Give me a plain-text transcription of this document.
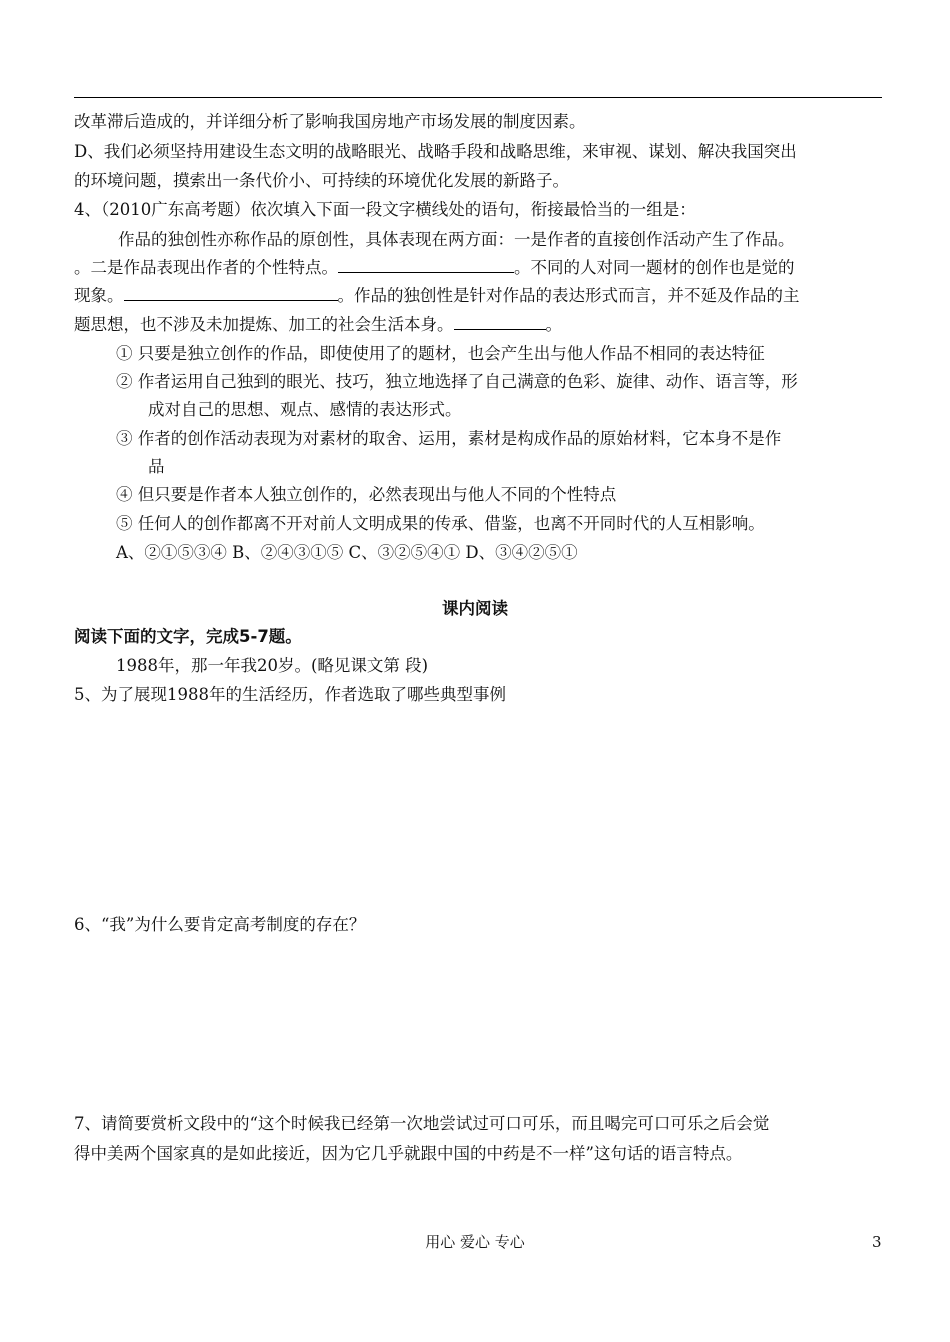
改革滞后造成的，并详细分析了影响我国房地产市场发展的制度因素。
D、我们必须坚持用建设生态文明的战略眼光、战略手段和战略思维，来审视、谋划、解决我国突出
的环境问题，摸索出一条代价小、可持续的环境优化发展的新路子。
4、（2010广东高考题）依次填入下面一段文字横线处的语句，衔接最恰当的一组是：
作品的独创性亦称作品的原创性，具体表现在两方面：一是作者的直接创作活动产生了作品。
。二是作品表现出作者的个性特点。	。不同的人对同一题材的创作也是觉的
现象。	。作品的独创性是针对作品的表达形式而言，并不延及作品的主
题思想，也不涉及未加提炼、加工的社会生活本身。	。
① 只要是独立创作的作品，即使使用了的题材，也会产生出与他人作品不相同的表达特征
② 作者运用自己独到的眼光、技巧，独立地选择了自己满意的色彩、旋律、动作、语言等，形
成对自己的思想、观点、感情的表达形式。
③ 作者的创作活动表现为对素材的取舍、运用，素材是构成作品的原始材料，它本身不是作
品
④ 但只要是作者本人独立创作的，必然表现出与他人不同的个性特点
⑤ 任何人的创作都离不开对前人文明成果的传承、借鉴，也离不开同时代的人互相影响。
A、②①⑤③④ B、②④③①⑤ C、③②⑤④① D、③④②⑤①
课内阅读
阅读下面的文字，完成5-7题。
1988年，那一年我20岁。(略见课文第 段)
5、为了展现1988年的生活经历，作者选取了哪些典型事例
6、“我”为什么要肯定高考制度的存在？
7、请简要赏析文段中的“这个时候我已经第一次地尝试过可口可乐，而且喝完可口可乐之后会觉
得中美两个国家真的是如此接近，因为它几乎就跟中国的中药是不一样”这句话的语言特点。
用心 爱心 专心	3
